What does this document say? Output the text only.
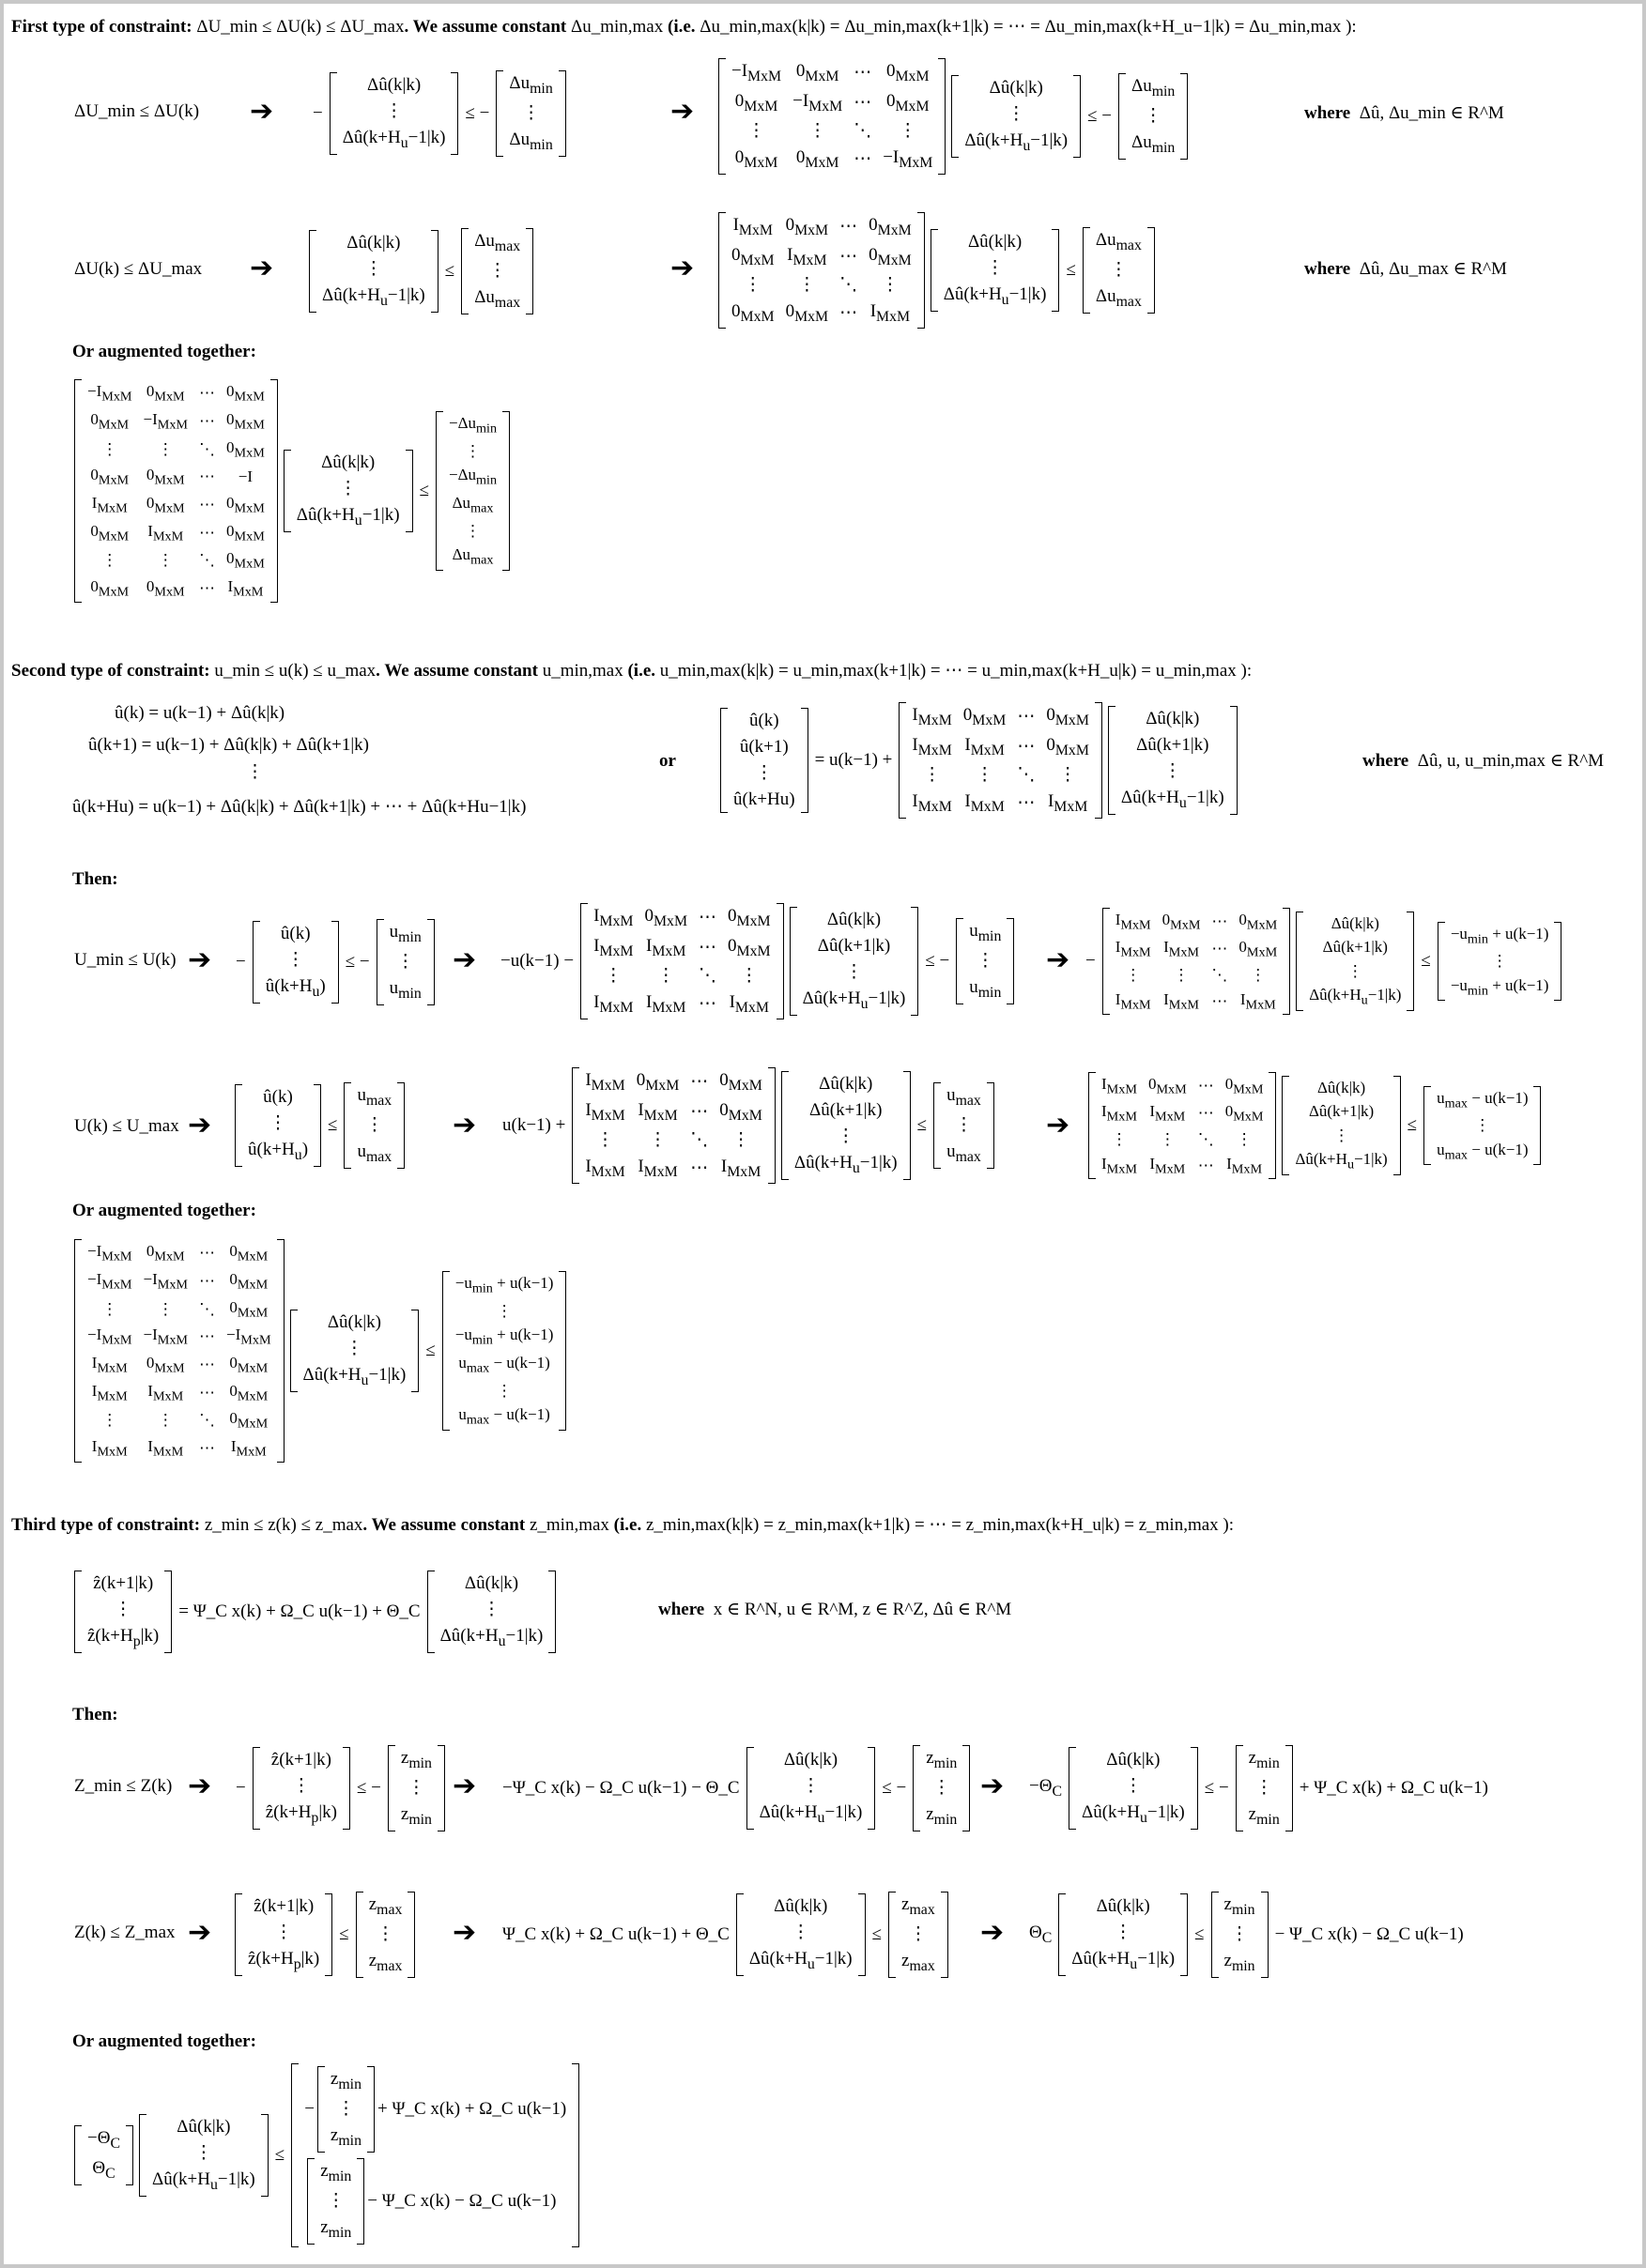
First type of constraint: ΔU_min ≤ ΔU(k) ≤ ΔU_max. We assume constant Δu_min,max (i.e. Δu_min,max(k|k) = Δu_min,max(k+1|k) = ⋯ = Δu_min,max(k+H_u−1|k) = Δu_min,max ):
ΔU_min ≤ ΔU(k) ➔ −
Δû(k|k)
⋮
$\Delta û(k+H_u-1|k)$
≤ −
$\Delta u_{min}$
⋮
$\Delta u_{min}$
➔
$-I_{MxM}$	$0_{MxM}$	⋯	$0_{MxM}$
$0_{MxM}$	$-I_{MxM}$	⋯	$0_{MxM}$
⋮	⋮	⋱	⋮
$0_{MxM}$	$0_{MxM}$	⋯	$-I_{MxM}$
Δû(k|k)
⋮
$\Delta û(k+H_u-1|k)$
≤ −
$\Delta u_{min}$
⋮
$\Delta u_{min}$
where Δû, Δu_min ∈ R^M
ΔU(k) ≤ ΔU_max ➔
Δû(k|k)
⋮
$\Delta û(k+H_u-1|k)$
≤
$\Delta u_{max}$
⋮
$\Delta u_{max}$
➔
$I_{MxM}$	$0_{MxM}$	⋯	$0_{MxM}$
$0_{MxM}$	$I_{MxM}$	⋯	$0_{MxM}$
⋮	⋮	⋱	⋮
$0_{MxM}$	$0_{MxM}$	⋯	$I_{MxM}$
Δû(k|k)
⋮
$\Delta û(k+H_u-1|k)$
≤
$\Delta u_{max}$
⋮
$\Delta u_{max}$
where Δû, Δu_max ∈ R^M
Or augmented together:
$-I_{MxM}$	$0_{MxM}$	⋯	$0_{MxM}$
$0_{MxM}$	$-I_{MxM}$	⋯	$0_{MxM}$
⋮	⋮	⋱	$0_{MxM}$
$0_{MxM}$	$0_{MxM}$	⋯	−I
$I_{MxM}$	$0_{MxM}$	⋯	$0_{MxM}$
$0_{MxM}$	$I_{MxM}$	⋯	$0_{MxM}$
⋮	⋮	⋱	$0_{MxM}$
$0_{MxM}$	$0_{MxM}$	⋯	$I_{MxM}$
Δû(k|k)
⋮
$\Delta û(k+H_u-1|k)$
≤
$-\Delta u_{min}$
⋮
$-\Delta u_{min}$
$\Delta u_{max}$
⋮
$\Delta u_{max}$
Second type of constraint: u_min ≤ u(k) ≤ u_max. We assume constant u_min,max (i.e. u_min,max(k|k) = u_min,max(k+1|k) = ⋯ = u_min,max(k+H_u|k) = u_min,max ):
û(k) = u(k−1) + Δû(k|k)
û(k+1) = u(k−1) + Δû(k|k) + Δû(k+1|k)
⋮
û(k+Hu) = u(k−1) + Δû(k|k) + Δû(k+1|k) + ⋯ + Δû(k+Hu−1|k)
or
û(k)
û(k+1)
⋮
û(k+Hu)
= u(k−1) +
$I_{MxM}$	$0_{MxM}$	⋯	$0_{MxM}$
$I_{MxM}$	$I_{MxM}$	⋯	$0_{MxM}$
⋮	⋮	⋱	⋮
$I_{MxM}$	$I_{MxM}$	⋯	$I_{MxM}$
Δû(k|k)
Δû(k+1|k)
⋮
$\Delta û(k+H_u-1|k)$
where Δû, u, u_min,max ∈ R^M
Then:
U_min ≤ U(k) ➔ −
û(k)
⋮
$û(k+H_u)$
≤ −
$u_{min}$
⋮
$u_{min}$
➔ −u(k−1) −
$I_{MxM}$	$0_{MxM}$	⋯	$0_{MxM}$
$I_{MxM}$	$I_{MxM}$	⋯	$0_{MxM}$
⋮	⋮	⋱	⋮
$I_{MxM}$	$I_{MxM}$	⋯	$I_{MxM}$
Δû(k|k)
Δû(k+1|k)
⋮
$\Delta û(k+H_u-1|k)$
≤ −
$u_{min}$
⋮
$u_{min}$
➔ −
$I_{MxM}$	$0_{MxM}$	⋯	$0_{MxM}$
$I_{MxM}$	$I_{MxM}$	⋯	$0_{MxM}$
⋮	⋮	⋱	⋮
$I_{MxM}$	$I_{MxM}$	⋯	$I_{MxM}$
Δû(k|k)
Δû(k+1|k)
⋮
$\Delta û(k+H_u-1|k)$
≤
$-u_{min} + u(k-1)$
⋮
$-u_{min} + u(k-1)$
U(k) ≤ U_max ➔
û(k)
⋮
$û(k+H_u)$
≤
$u_{max}$
⋮
$u_{max}$
➔ u(k−1) +
$I_{MxM}$	$0_{MxM}$	⋯	$0_{MxM}$
$I_{MxM}$	$I_{MxM}$	⋯	$0_{MxM}$
⋮	⋮	⋱	⋮
$I_{MxM}$	$I_{MxM}$	⋯	$I_{MxM}$
Δû(k|k)
Δû(k+1|k)
⋮
$\Delta û(k+H_u-1|k)$
≤
$u_{max}$
⋮
$u_{max}$
➔
$I_{MxM}$	$0_{MxM}$	⋯	$0_{MxM}$
$I_{MxM}$	$I_{MxM}$	⋯	$0_{MxM}$
⋮	⋮	⋱	⋮
$I_{MxM}$	$I_{MxM}$	⋯	$I_{MxM}$
Δû(k|k)
Δû(k+1|k)
⋮
$\Delta û(k+H_u-1|k)$
≤
$u_{max} - u(k-1)$
⋮
$u_{max} - u(k-1)$
Or augmented together:
$-I_{MxM}$	$0_{MxM}$	⋯	$0_{MxM}$
$-I_{MxM}$	$-I_{MxM}$	⋯	$0_{MxM}$
⋮	⋮	⋱	$0_{MxM}$
$-I_{MxM}$	$-I_{MxM}$	⋯	$-I_{MxM}$
$I_{MxM}$	$0_{MxM}$	⋯	$0_{MxM}$
$I_{MxM}$	$I_{MxM}$	⋯	$0_{MxM}$
⋮	⋮	⋱	$0_{MxM}$
$I_{MxM}$	$I_{MxM}$	⋯	$I_{MxM}$
Δû(k|k)
⋮
$\Delta û(k+H_u-1|k)$
≤
$-u_{min} + u(k-1)$
⋮
$-u_{min} + u(k-1)$
$u_{max} - u(k-1)$
⋮
$u_{max} - u(k-1)$
Third type of constraint: z_min ≤ z(k) ≤ z_max. We assume constant z_min,max (i.e. z_min,max(k|k) = z_min,max(k+1|k) = ⋯ = z_min,max(k+H_u|k) = z_min,max ):
ẑ(k+1|k)
⋮
$ẑ(k+H_p|k)$
= Ψ_C x(k) + Ω_C u(k−1) + Θ_C
Δû(k|k)
⋮
$\Delta û(k+H_u-1|k)$
where x ∈ R^N, u ∈ R^M, z ∈ R^Z, Δû ∈ R^M
Then:
Z_min ≤ Z(k) ➔ −
ẑ(k+1|k)
⋮
$ẑ(k+H_p|k)$
≤ −
$z_{min}$
⋮
$z_{min}$
➔ −Ψ_C x(k) − Ω_C u(k−1) − Θ_C
Δû(k|k)
⋮
$\Delta û(k+H_u-1|k)$
≤ −
$z_{min}$
⋮
$z_{min}$
➔ $-\Theta_C$
Δû(k|k)
⋮
$\Delta û(k+H_u-1|k)$
≤ −
$z_{min}$
⋮
$z_{min}$
+ Ψ_C x(k) + Ω_C u(k−1)
Z(k) ≤ Z_max ➔
ẑ(k+1|k)
⋮
$ẑ(k+H_p|k)$
≤
$z_{max}$
⋮
$z_{max}$
➔ Ψ_C x(k) + Ω_C u(k−1) + Θ_C
Δû(k|k)
⋮
$\Delta û(k+H_u-1|k)$
≤
$z_{max}$
⋮
$z_{max}$
➔ $\Theta_C$
Δû(k|k)
⋮
$\Delta û(k+H_u-1|k)$
≤
$z_{min}$
⋮
$z_{min}$
− Ψ_C x(k) − Ω_C u(k−1)
Or augmented together:
$-\Theta_C$
$\Theta_C$
Δû(k|k)
⋮
$\Delta û(k+H_u-1|k)$
≤
−
$z_{min}$
⋮
$z_{min}$
+ Ψ_C x(k) + Ω_C u(k−1)

$z_{min}$
⋮
$z_{min}$
− Ψ_C x(k) − Ω_C u(k−1)
